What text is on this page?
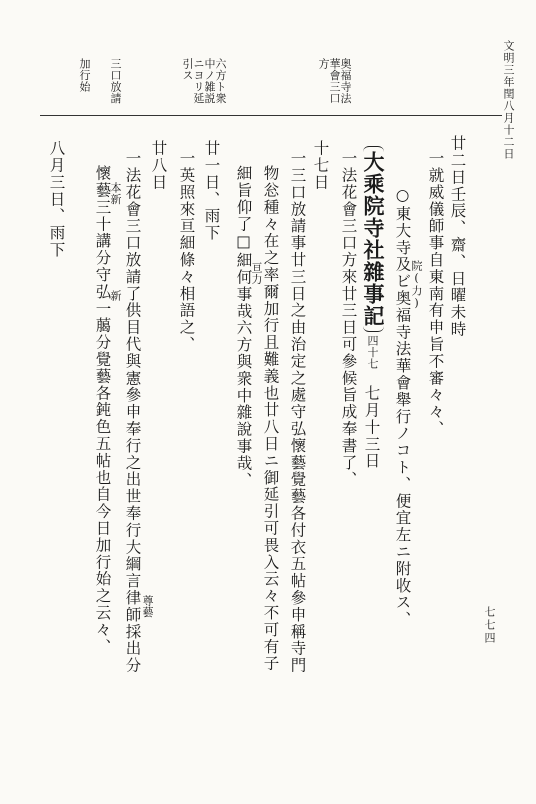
文明三年閏八月十二日
七七四
奥福寺法華會三口方
六方ト衆中ノ雑説ニヨリ延引ス
三口放請
加行始
廿二日壬辰、齋、日曜未時
一就威儀師事自東南有申旨不審々々、
院(力)
○東大寺及ビ奥福寺法華會舉行ノコト、便宜左ニ附收ス、
大乘院寺社雜事記
四十七
七月十三日
一法花會三口方來廿三日可參候旨成奉書了、
十七日
一三口放請事廿三日之由治定之處守弘懷藝覺藝各付衣五帖參申稱寺門
物忩種々在之率爾加行且難義也廿八日ニ御延引可畏入云々不可有子
細旨仰了□細何事哉六方與衆中雜說事哉、
亘力
廿一日、雨下
一英照來亘細條々相語之、
廿八日
一法花會三口放請了供目代與憲參申奉行之出世奉行大綱言律師採出分 尊藝
本新
新
懷藝三十講分守弘一﨟分覺藝各鈍色五帖也自今日加行始之云々、
八月三日、雨下
